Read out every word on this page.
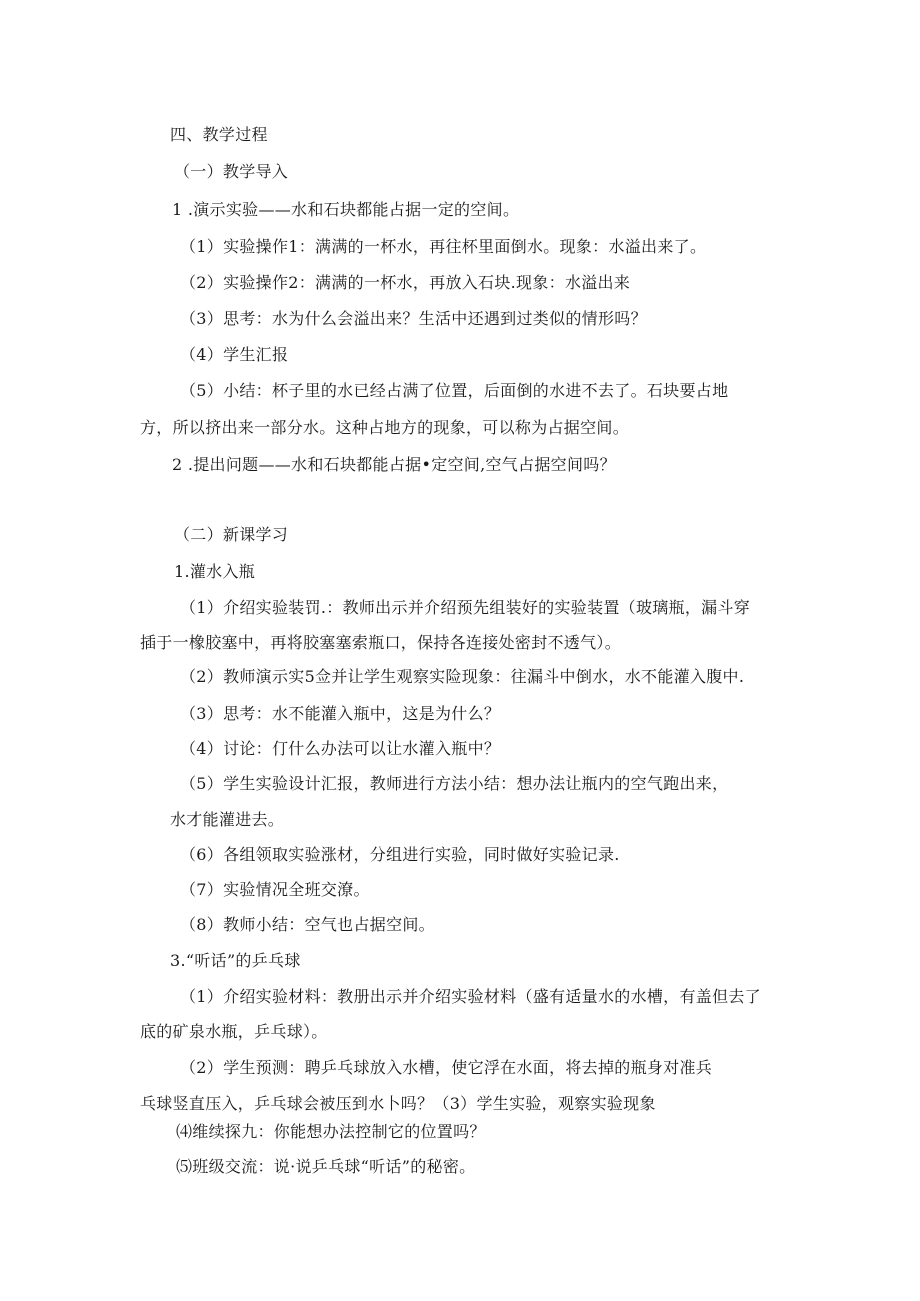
四、教学过程
（一）教学导入
1 .演示实验——水和石块都能占据一定的空间。
（1）实验操作1：满满的一杯水，再往杯里面倒水。现象：水溢出来了。
（2）实验操作2：满满的一杯水，再放入石块.现象：水溢出来
（3）思考：水为什么会溢出来？生活中还遇到过类似的情形吗？
（4）学生汇报
（5）小结：杯子里的水已经占满了位置，后面倒的水进不去了。石块要占地
方，所以挤出来一部分水。这种占地方的现象，可以称为占据空间。
2 .提出问题——水和石块都能占据•定空间,空气占据空间吗？
（二）新课学习
1.灌水入瓶
（1）介绍实验装罚.：教师出示并介绍预先组装好的实验装置（玻璃瓶，漏斗穿
插于一橡胶塞中，再将胶塞塞索瓶口，保持各连接处密封不透气）。
（2）教师演示实5佥并让学生观察实险现象：往漏斗中倒水，水不能灌入腹中.
（3）思考：水不能灌入瓶中，这是为什么？
（4）讨论：仃什么办法可以让水灌入瓶中？
（5）学生实验设计汇报，教师进行方法小结：想办法让瓶内的空气跑出来，
水才能灌进去。
（6）各组领取实验涨材，分组进行实验，同时做好实验记录.
（7）实验情况全班交潦。
（8）教师小结：空气也占据空间。
3.“听话”的乒乓球
（1）介绍实验材料：教册出示并介绍实验材料（盛有适量水的水槽，有盖但去了
底的矿泉水瓶，乒乓球）。
（2）学生预测：聘乒乓球放入水槽，使它浮在水面，将去掉的瓶身对准兵
乓球竖直压入，乒乓球会被压到水卜吗？（3）学生实验，观察实验现象
⑷维续探九：你能想办法控制它的位置吗？
⑸班级交流：说·说乒乓球“听话”的秘密。
